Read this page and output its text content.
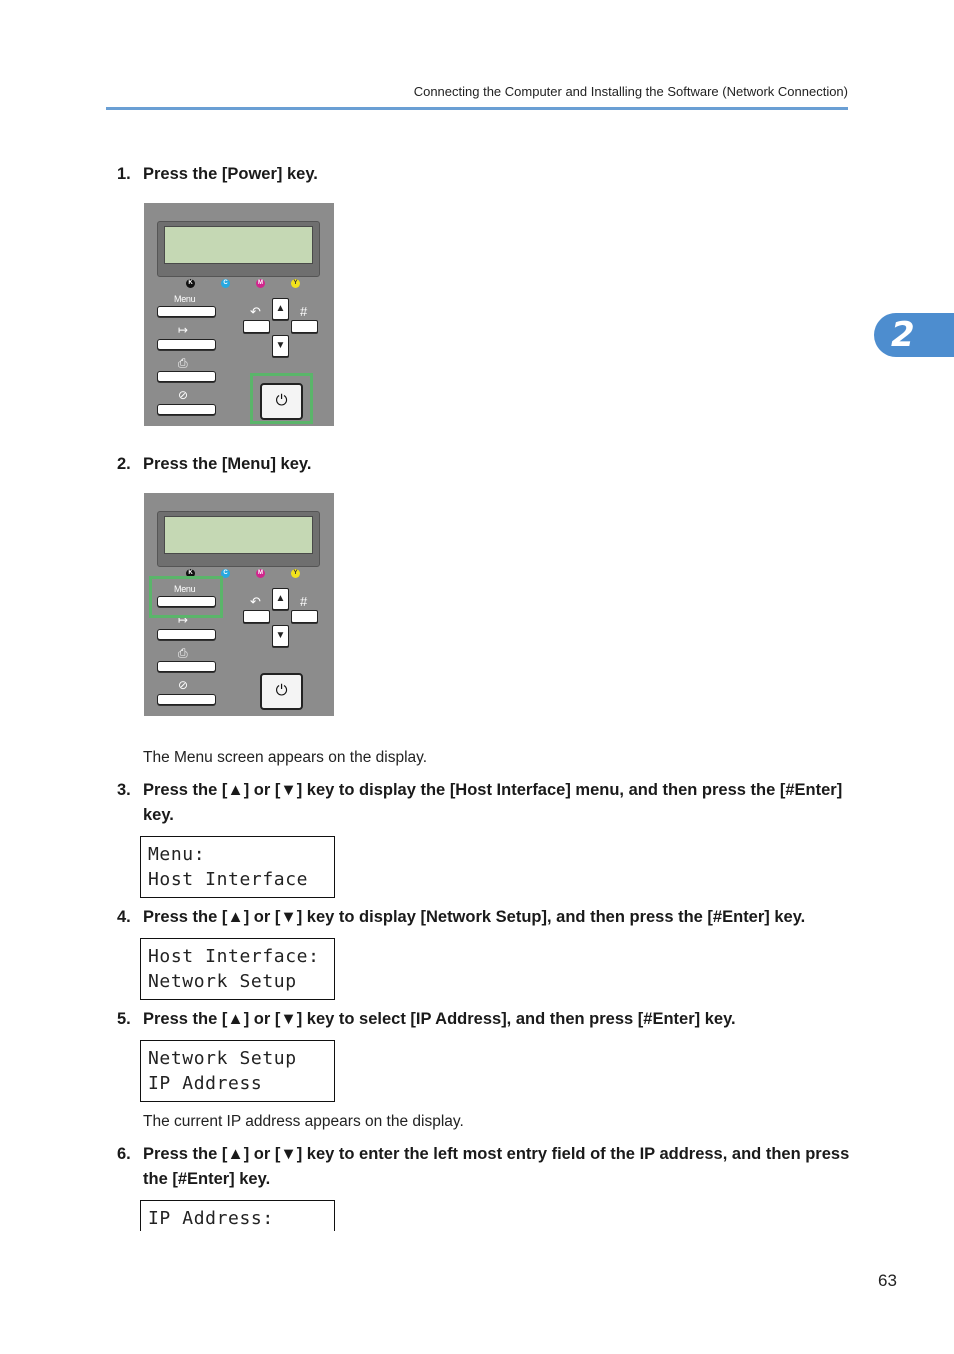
Connecting the Computer and Installing the Software (Network Connection)
2
1. Press the [Power] key.
K	C	M	Y
Menu
↦
⎙
⊘
↶	#
▲
▼
⏻
2. Press the [Menu] key.
K	C	M	Y
Menu
↦
⎙
⊘
↶	#
▲
▼
⏻
The Menu screen appears on the display.
3. Press the [▲] or [▼] key to display the [Host Interface] menu, and then press the [#Enter] key.
Menu:
Host Interface
4. Press the [▲] or [▼] key to display [Network Setup], and then press the [#Enter] key.
Host Interface:
Network Setup
5. Press the [▲] or [▼] key to select [IP Address], and then press [#Enter] key.
Network Setup
IP Address
The current IP address appears on the display.
6. Press the [▲] or [▼] key to enter the left most entry field of the IP address, and then press the [#Enter] key.
IP Address:
63
